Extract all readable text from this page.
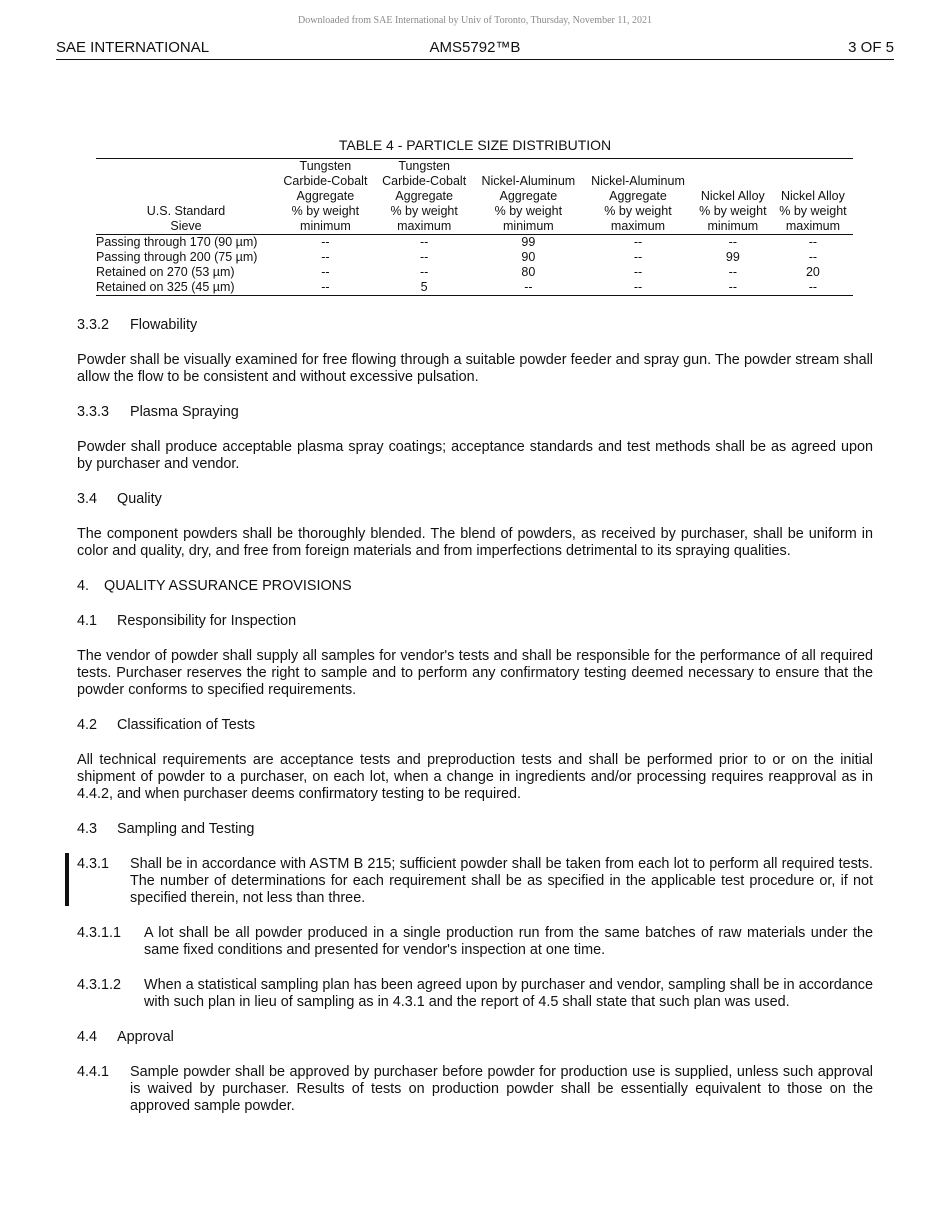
Downloaded from SAE International by Univ of Toronto, Thursday, November 11, 2021
SAE INTERNATIONAL	AMS5792™B	3 OF 5
TABLE 4 - PARTICLE SIZE DISTRIBUTION

U.S. Standard
Sieve	Tungsten
Carbide-Cobalt
Aggregate
% by weight
minimum	Tungsten
Carbide-Cobalt
Aggregate
% by weight
maximum	Nickel-Aluminum
Aggregate
% by weight
minimum	Nickel-Aluminum
Aggregate
% by weight
maximum	Nickel Alloy
% by weight
minimum	Nickel Alloy
% by weight
maximum

Passing through 170 (90 µm)	--	--	99	--	--	--
Passing through 200 (75 µm)	--	--	90	--	99	--
Retained on 270 (53 µm)	--	--	80	--	--	20
Retained on 325 (45 µm)	--	5	--	--	--	--
3.3.2 Flowability

Powder shall be visually examined for free flowing through a suitable powder feeder and spray gun. The powder stream shall allow the flow to be consistent and without excessive pulsation.

3.3.3 Plasma Spraying

Powder shall produce acceptable plasma spray coatings; acceptance standards and test methods shall be as agreed upon by purchaser and vendor.

3.4 Quality

The component powders shall be thoroughly blended. The blend of powders, as received by purchaser, shall be uniform in color and quality, dry, and free from foreign materials and from imperfections detrimental to its spraying qualities.

4. QUALITY ASSURANCE PROVISIONS
4.1 Responsibility for Inspection

The vendor of powder shall supply all samples for vendor's tests and shall be responsible for the performance of all required tests. Purchaser reserves the right to sample and to perform any confirmatory testing deemed necessary to ensure that the powder conforms to specified requirements.

4.2 Classification of Tests

All technical requirements are acceptance tests and preproduction tests and shall be performed prior to or on the initial shipment of powder to a purchaser, on each lot, when a change in ingredients and/or processing requires reapproval as in 4.4.2, and when purchaser deems confirmatory testing to be required.

4.3 Sampling and Testing
4.3.1 Shall be in accordance with ASTM B 215; sufficient powder shall be taken from each lot to perform all required tests. The number of determinations for each requirement shall be as specified in the applicable test procedure or, if not specified therein, not less than three.
4.3.1.1 A lot shall be all powder produced in a single production run from the same batches of raw materials under the same fixed conditions and presented for vendor's inspection at one time.
4.3.1.2 When a statistical sampling plan has been agreed upon by purchaser and vendor, sampling shall be in accordance with such plan in lieu of sampling as in 4.3.1 and the report of 4.5 shall state that such plan was used.
4.4 Approval
4.4.1 Sample powder shall be approved by purchaser before powder for production use is supplied, unless such approval is waived by purchaser. Results of tests on production powder shall be essentially equivalent to those on the approved sample powder.
